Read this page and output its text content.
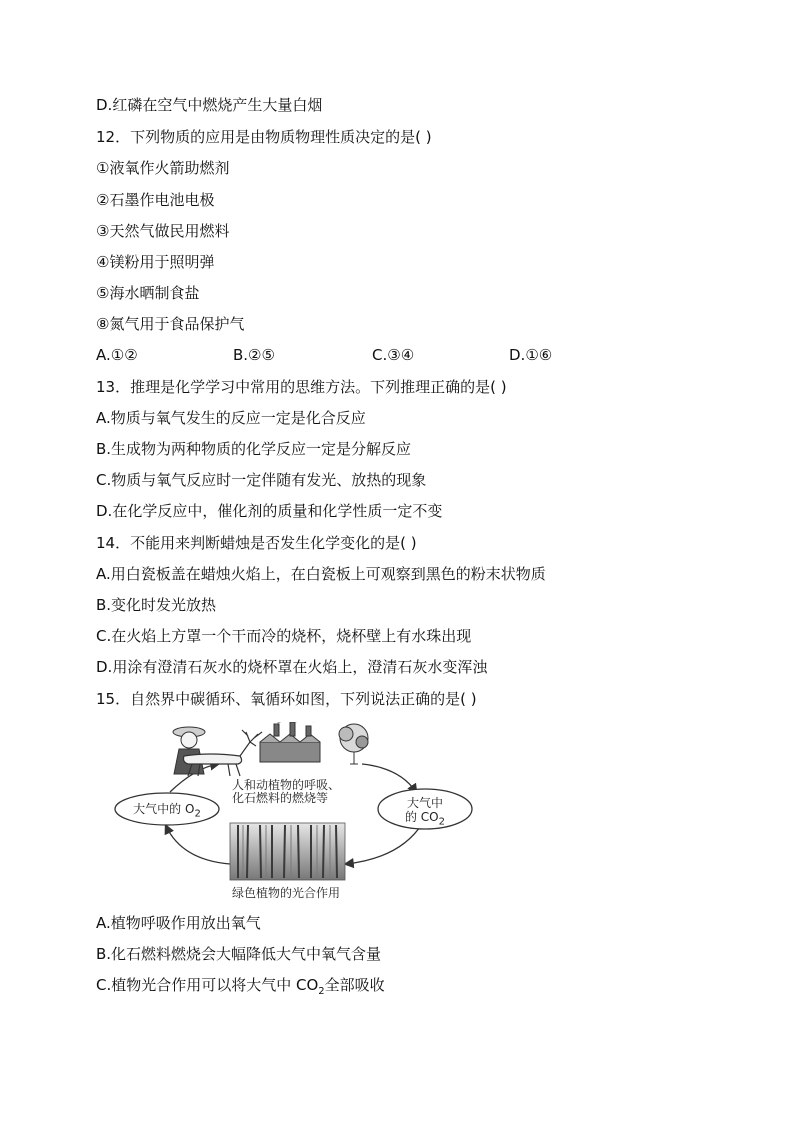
D.红磷在空气中燃烧产生大量白烟
12．下列物质的应用是由物质物理性质决定的是( )
①液氧作火箭助燃剂
②石墨作电池电极
③天然气做民用燃料
④镁粉用于照明弹
⑤海水晒制食盐
⑧氮气用于食品保护气
A.①②	B.②⑤	C.③④	D.①⑥
13．推理是化学学习中常用的思维方法。下列推理正确的是( )
A.物质与氧气发生的反应一定是化合反应
B.生成物为两种物质的化学反应一定是分解反应
C.物质与氧气反应时一定伴随有发光、放热的现象
D.在化学反应中，催化剂的质量和化学性质一定不变
14．不能用来判断蜡烛是否发生化学变化的是( )
A.用白瓷板盖在蜡烛火焰上，在白瓷板上可观察到黑色的粉末状物质
B.变化时发光放热
C.在火焰上方罩一个干而冷的烧杯，烧杯壁上有水珠出现
D.用涂有澄清石灰水的烧杯罩在火焰上，澄清石灰水变浑浊
15．自然界中碳循环、氧循环如图，下列说法正确的是( )
人和动植物的呼吸、
化石燃料的燃烧等
大气中的 $O_2$
大气中
的 $CO_2$
绿色植物的光合作用
A.植物呼吸作用放出氧气
B.化石燃料燃烧会大幅降低大气中氧气含量
C.植物光合作用可以将大气中 $CO_2$全部吸收
